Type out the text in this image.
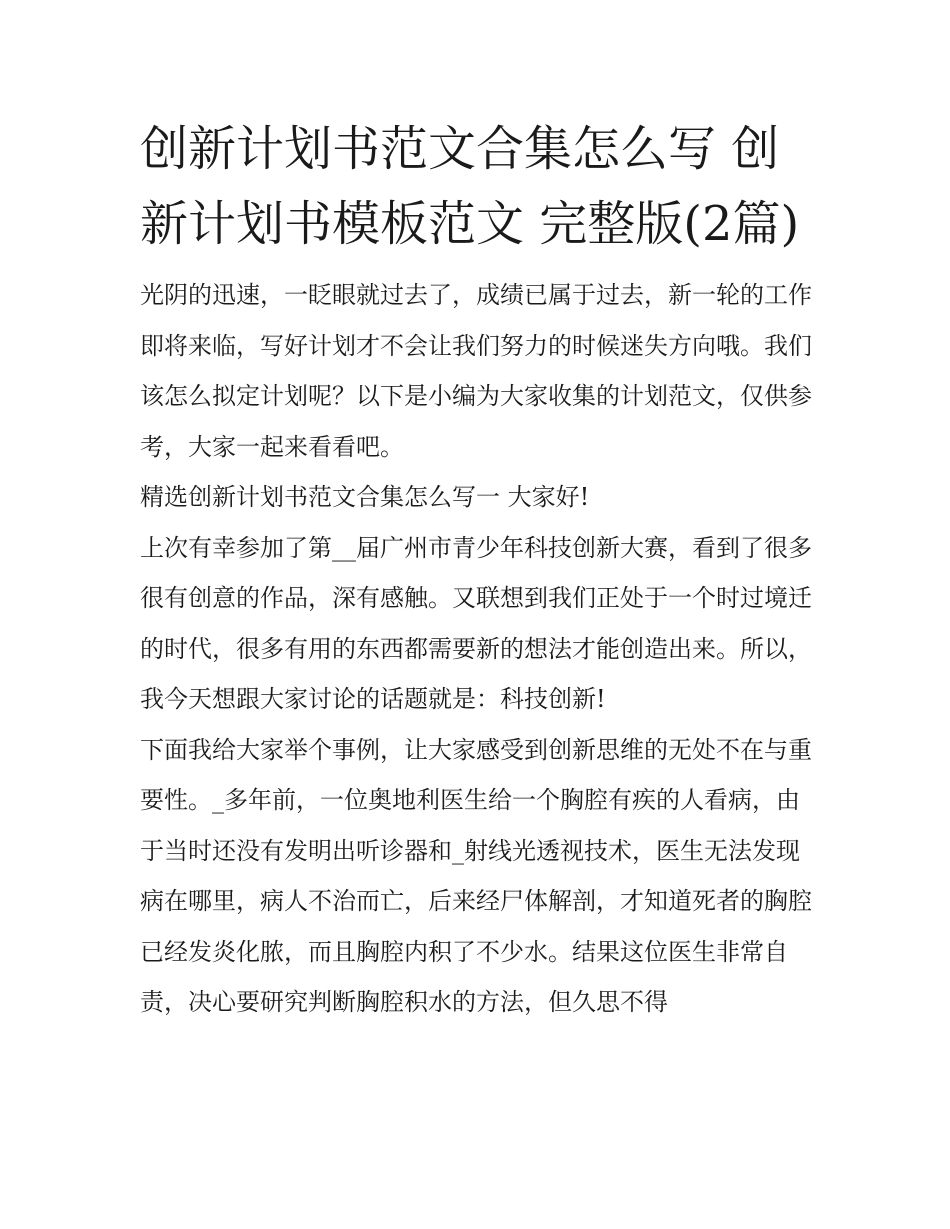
创新计划书范文合集怎么写 创新计划书模板范文 完整版(2篇)

光阴的迅速，一眨眼就过去了，成绩已属于过去，新一轮的工作即将来临，写好计划才不会让我们努力的时候迷失方向哦。我们该怎么拟定计划呢？以下是小编为大家收集的计划范文，仅供参考，大家一起来看看吧。

精选创新计划书范文合集怎么写一 大家好!

上次有幸参加了第__届广州市青少年科技创新大赛，看到了很多很有创意的作品，深有感触。又联想到我们正处于一个时过境迁的时代，很多有用的东西都需要新的想法才能创造出来。所以，我今天想跟大家讨论的话题就是：科技创新!

下面我给大家举个事例，让大家感受到创新思维的无处不在与重要性。_多年前，一位奥地利医生给一个胸腔有疾的人看病，由于当时还没有发明出听诊器和_射线光透视技术，医生无法发现病在哪里，病人不治而亡，后来经尸体解剖，才知道死者的胸腔已经发炎化脓，而且胸腔内积了不少水。结果这位医生非常自责，决心要研究判断胸腔积水的方法，但久思不得
